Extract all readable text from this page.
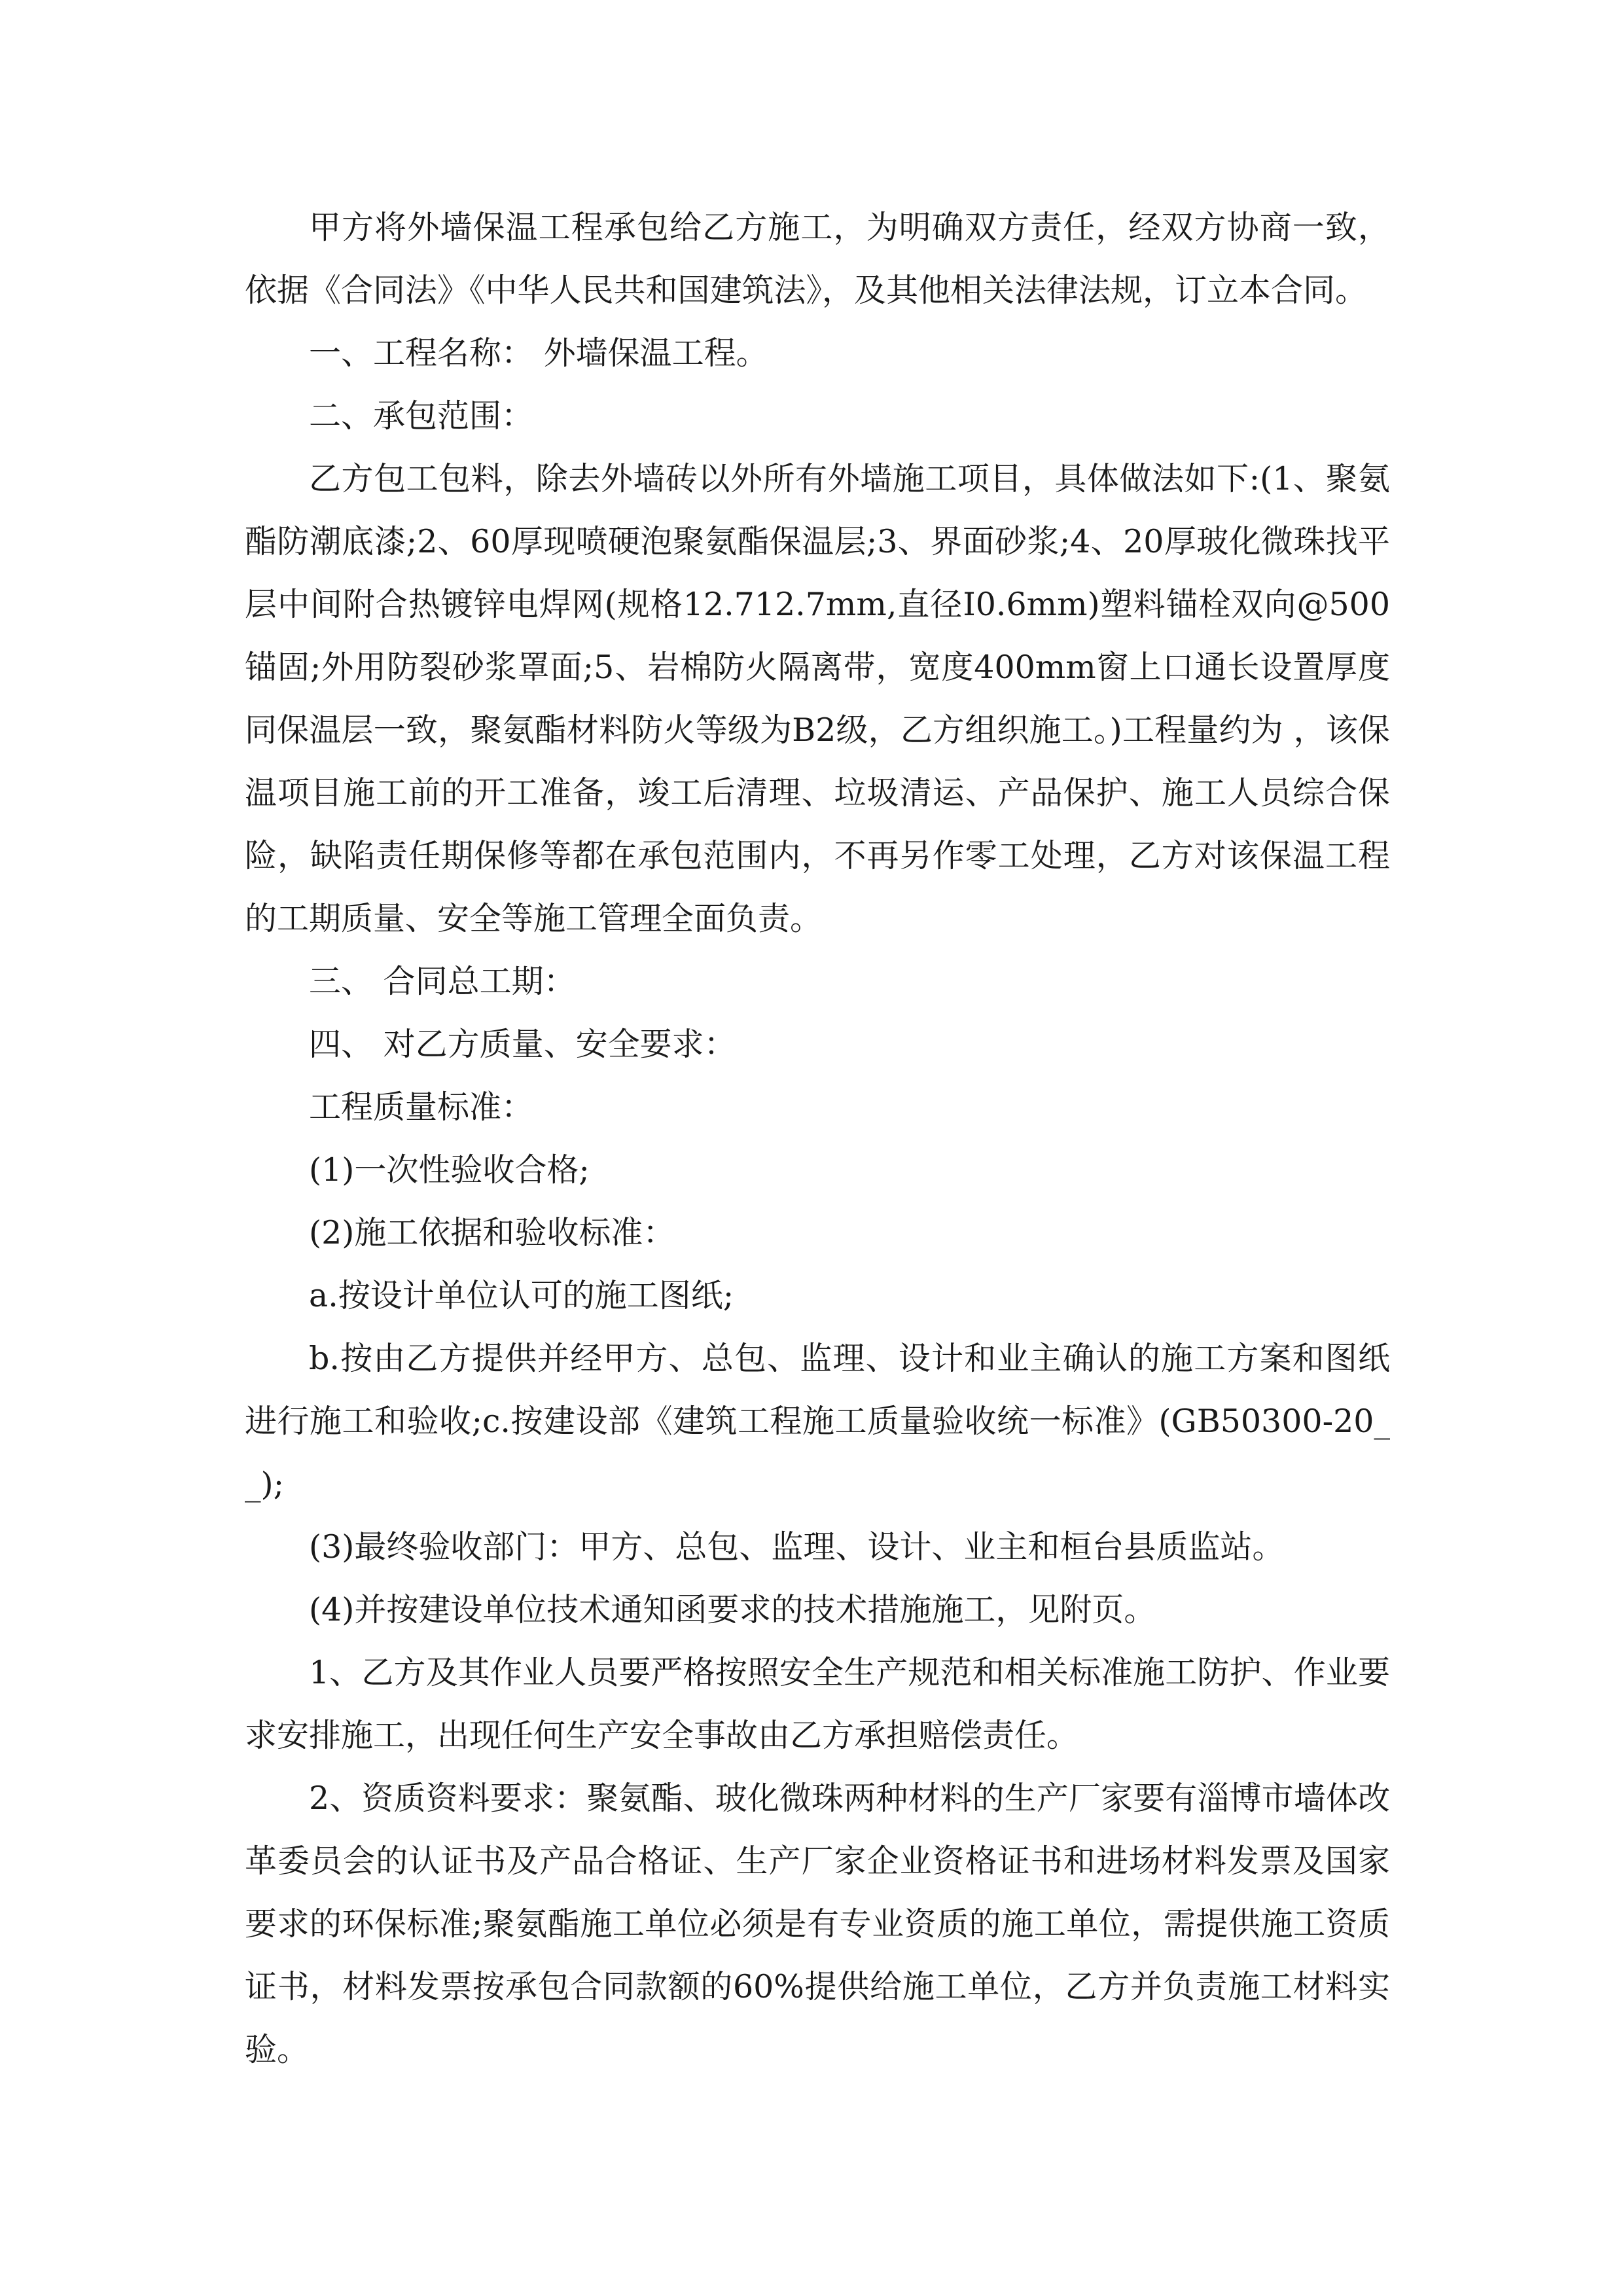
甲方将外墙保温工程承包给乙方施工，为明确双方责任，经双方协商一致，依据《合同法》《中华人民共和国建筑法》，及其他相关法律法规，订立本合同。

一、工程名称： 外墙保温工程。

二、承包范围：

乙方包工包料，除去外墙砖以外所有外墙施工项目，具体做法如下:(1、聚氨酯防潮底漆;2、60厚现喷硬泡聚氨酯保温层;3、界面砂浆;4、20厚玻化微珠找平层中间附合热镀锌电焊网(规格12.712.7mm,直径I0.6mm)塑料锚栓双向@500锚固;外用防裂砂浆罩面;5、岩棉防火隔离带，宽度400mm窗上口通长设置厚度同保温层一致，聚氨酯材料防火等级为B2级，乙方组织施工。)工程量约为 ，该保温项目施工前的开工准备，竣工后清理、垃圾清运、产品保护、施工人员综合保险，缺陷责任期保修等都在承包范围内，不再另作零工处理，乙方对该保温工程的工期质量、安全等施工管理全面负责。

三、 合同总工期：

四、 对乙方质量、安全要求：

工程质量标准：

(1)一次性验收合格;

(2)施工依据和验收标准：

a.按设计单位认可的施工图纸;

b.按由乙方提供并经甲方、总包、监理、设计和业主确认的施工方案和图纸进行施工和验收;c.按建设部《建筑工程施工质量验收统一标准》(GB50300-20__);

(3)最终验收部门：甲方、总包、监理、设计、业主和桓台县质监站。

(4)并按建设单位技术通知函要求的技术措施施工，见附页。

1、乙方及其作业人员要严格按照安全生产规范和相关标准施工防护、作业要求安排施工，出现任何生产安全事故由乙方承担赔偿责任。

2、资质资料要求：聚氨酯、玻化微珠两种材料的生产厂家要有淄博市墙体改革委员会的认证书及产品合格证、生产厂家企业资格证书和进场材料发票及国家要求的环保标准;聚氨酯施工单位必须是有专业资质的施工单位，需提供施工资质证书，材料发票按承包合同款额的60%提供给施工单位，乙方并负责施工材料实验。
